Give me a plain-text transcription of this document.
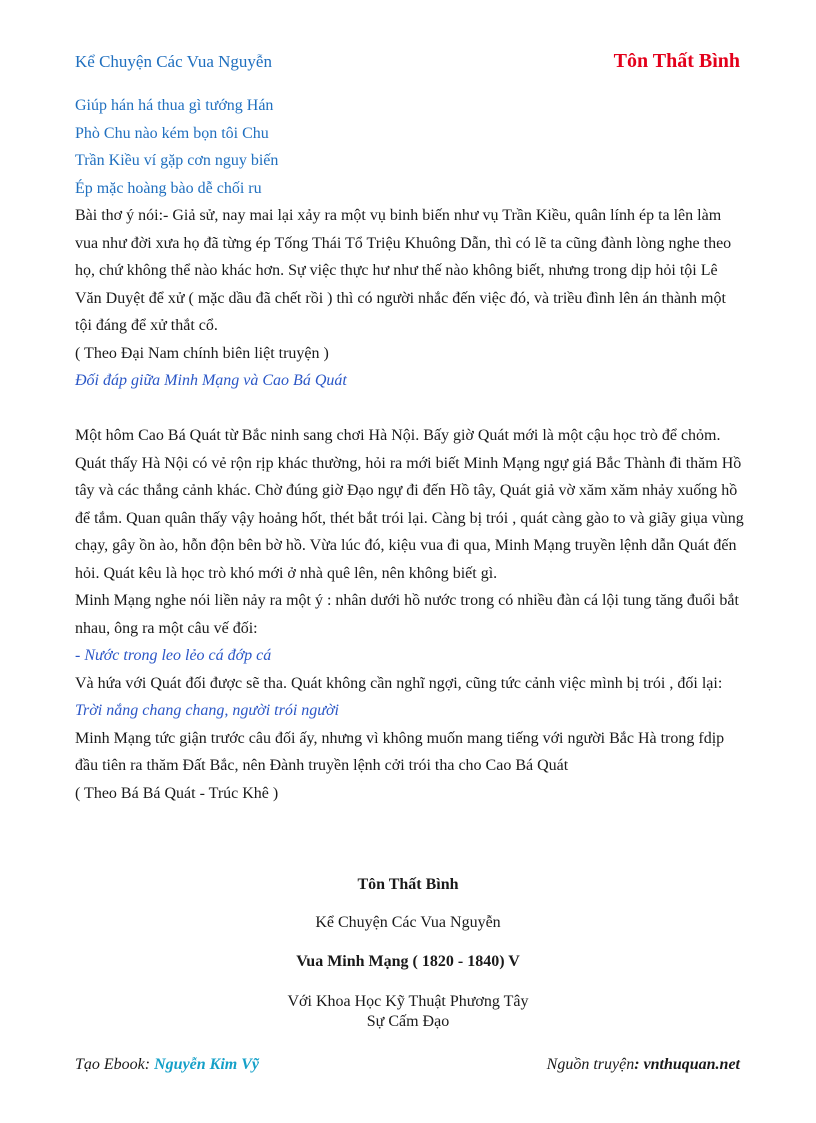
Kể Chuyện Các Vua Nguyễn	Tôn Thất Bình

Giúp hán há thua gì tướng Hán

Phò Chu nào kém bọn tôi Chu

Trần Kiều ví gặp cơn nguy biến

Ép mặc hoàng bào dễ chối ru

Bài thơ ý nói:- Giả sử, nay mai lại xảy ra một vụ binh biến như vụ Trần Kiều, quân lính ép ta lên làm vua như đời xưa họ đã từng ép Tống Thái Tổ Triệu Khuông Dẫn, thì có lẽ ta cũng đành lòng nghe theo họ, chứ không thể nào khác hơn. Sự việc thực hư như thế nào không biết, nhưng trong dịp hỏi tội Lê Văn Duyệt để xử ( mặc dầu đã chết rồi ) thì có người nhắc đến việc đó, và triều đình lên án thành một tội đáng để xử thắt cổ.

( Theo Đại Nam chính biên liệt truyện )

Đối đáp giữa Minh Mạng và Cao Bá Quát

Một hôm Cao Bá Quát từ Bắc ninh sang chơi Hà Nội. Bấy giờ Quát mới là một cậu học trò để chỏm. Quát thấy Hà Nội có vẻ rộn rịp khác thường, hỏi ra mới biết Minh Mạng ngự giá Bắc Thành đi thăm Hồ tây và các thắng cảnh khác. Chờ đúng giờ Đạo ngự đi đến Hồ tây, Quát giả vờ xăm xăm nhảy xuống hồ để tắm. Quan quân thấy vậy hoảng hốt, thét bắt trói lại. Càng bị trói , quát càng gào to và giãy giụa vùng chạy, gây ồn ào, hỗn độn bên bờ hồ. Vừa lúc đó, kiệu vua đi qua, Minh Mạng truyền lệnh dẫn Quát đến hỏi. Quát kêu là học trò khó mới ở nhà quê lên, nên không biết gì.

Minh Mạng nghe nói liền nảy ra một ý : nhân dưới hồ nước trong có nhiều đàn cá lội tung tăng đuổi bắt nhau, ông ra một câu vế đối:

- Nước trong leo lẻo cá đớp cá

Và hứa với Quát đối được sẽ tha. Quát không cần nghĩ ngợi, cũng tức cảnh việc mình bị trói , đối lại:

Trời nắng chang chang, người trói người

Minh Mạng tức giận trước câu đối ấy, nhưng vì không muốn mang tiếng với người Bắc Hà trong fdịp đầu tiên ra thăm Đất Bắc, nên Đành truyền lệnh cởi trói tha cho Cao Bá Quát

( Theo Bá Bá Quát - Trúc Khê )

Tôn Thất Bình

Kể Chuyện Các Vua Nguyễn

Vua Minh Mạng ( 1820 - 1840) V

Với Khoa Học Kỹ Thuật Phương Tây

Sự Cấm Đạo

Tạo Ebook: Nguyễn Kim Vỹ	Nguồn truyện: vnthuquan.net
